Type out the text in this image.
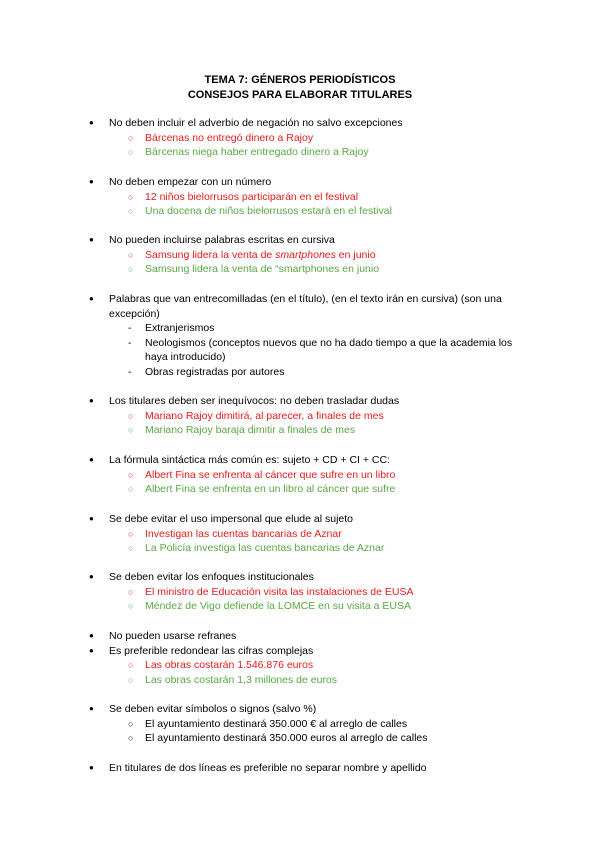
TEMA 7: GÉNEROS PERIODÍSTICOS
CONSEJOS PARA ELABORAR TITULARES
● No deben incluir el adverbio de negación no salvo excepciones
○ Bárcenas no entregó dinero a Rajoy
○ Bárcenas niega haber entregado dinero a Rajoy
● No deben empezar con un número
○ 12 niños bielorrusos participarán en el festival
○ Una docena de niños bielorrusos estará en el festival
● No pueden incluirse palabras escritas en cursiva
○ Samsung lidera la venta de smartphones en junio
○ Samsung lidera la venta de “smartphones en junio
● Palabras que van entrecomilladas (en el título), (en el texto irán en cursiva) (son una excepción)
- Extranjerismos
- Neologismos (conceptos nuevos que no ha dado tiempo a que la academia los haya introducido)
- Obras registradas por autores
● Los titulares deben ser inequívocos: no deben trasladar dudas
○ Mariano Rajoy dimitirá, al parecer, a finales de mes
○ Mariano Rajoy baraja dimitir a finales de mes
● La fórmula sintáctica más común es: sujeto + CD + CI + CC:
○ Albert Fina se enfrenta al cáncer que sufre en un libro
○ Albert Fina se enfrenta en un libro al cáncer que sufre
● Se debe evitar el uso impersonal que elude al sujeto
○ Investigan las cuentas bancarias de Aznar
○ La Policía investiga las cuentas bancarias de Aznar
● Se deben evitar los enfoques institucionales
○ El ministro de Educación visita las instalaciones de EUSA
○ Méndez de Vigo defiende la LOMCE en su visita a EUSA
● No pueden usarse refranes
● Es preferible redondear las cifras complejas
○ Las obras costarán 1.546.876 euros
○ Las obras costarán 1,3 millones de euros
● Se deben evitar símbolos o signos (salvo %)
○ El ayuntamiento destinará 350.000 € al arreglo de calles
○ El ayuntamiento destinará 350.000 euros al arreglo de calles
● En titulares de dos líneas es preferible no separar nombre y apellido
